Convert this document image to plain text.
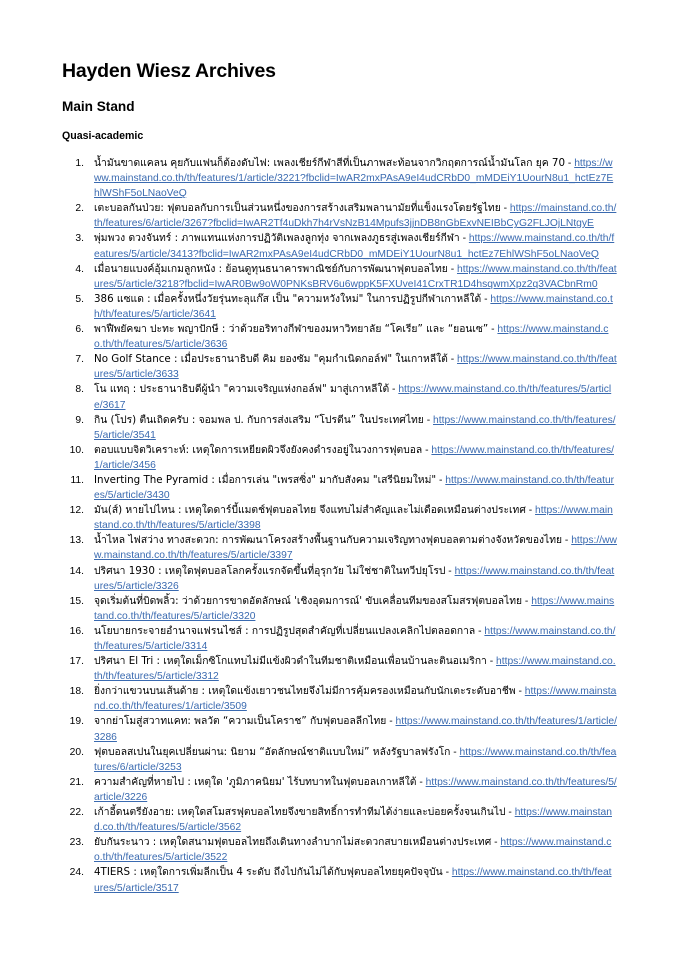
Hayden Wiesz Archives
Main Stand
Quasi-academic
1. น้ำมันขาดแคลน คุยกับแฟนก็ต้องดับไฟ: เพลงเชียร์กีฬาสีที่เป็นภาพสะท้อนจากวิกฤตการณ์น้ำมันโลก ยุค 70 - https://www.mainstand.co.th/th/features/1/article/3221?fbclid=IwAR2mxPAsA9eI4udCRbD0_mMDEiY1UourN8u1_hctEz7EhlWShF5oLNaoVeQ
2. เตะบอลกันป่วย: ฟุตบอลกับการเป็นส่วนหนึ่งของการสร้างเสริมพลานามัยที่แข็งแรงโดยรัฐไทย - https://mainstand.co.th/th/features/6/article/3267?fbclid=IwAR2Tf4uDkh7h4rVsNzB14Mpufs3jjnDB8nGbExvNEIBbCyG2FLJOjLNtgyE
3. พุ่มพวง ดวงจันทร์ : ภาพแทนแห่งการปฏิวัติเพลงลูกทุ่ง จากเพลงภูธรสู่เพลงเชียร์กีฬา - https://www.mainstand.co.th/th/features/5/article/3413?fbclid=IwAR2mxPAsA9eI4udCRbD0_mMDEiY1UourN8u1_hctEz7EhlWShF5oLNaoVeQ
4. เมื่อนายแบงค์อุ้มเกมลูกหนัง : ย้อนดูทุนธนาคารพาณิชย์กับการพัฒนาฟุตบอลไทย - https://www.mainstand.co.th/th/features/5/article/3218?fbclid=IwAR0Bw9oW0PNKsBRV6u6wppK5FXUveI41CrxTR1D4hsqwmXpz2q3VACbnRm0
5. 386 แซแด : เมื่อครั้งหนึ่งวัยรุ่นทะลุแก๊ส เป็น "ความหวังใหม่" ในการปฏิรูปกีฬาเกาหลีใต้ - https://www.mainstand.co.th/th/features/5/article/3641
6. พาฬืพยัคฆา ปะทะ พญาปักษี : ว่าด้วยอริทางกีฬาของมหาวิทยาลัย “โคเรีย” และ “ยอนเซ” - https://www.mainstand.co.th/th/features/5/article/3636
7. No Golf Stance : เมื่อประธานาธิบดี คิม ยองซัม "คุมกำเนิดกอล์ฟ" ในเกาหลีใต้ - https://www.mainstand.co.th/th/features/5/article/3633
8. โน แทฤ : ประธานาธิบดีผู้นำ "ความเจริญแห่งกอล์ฟ" มาสู่เกาหลีใต้ - https://www.mainstand.co.th/th/features/5/article/3617
9. กิน (โปร) ตืนเถิดครับ : จอมพล ป. กับการส่งเสริม “โปรตีน” ในประเทศไทย - https://www.mainstand.co.th/th/features/5/article/3541
10. ตอบแบบจิตวิเคราะห์: เหตุใดการเหยียดผิวจึงยังคงดำรงอยู่ในวงการฟุตบอล - https://www.mainstand.co.th/th/features/1/article/3456
11. Inverting The Pyramid : เมื่อการเล่น "เพรสซิ่ง" มากับสังคม "เสรีนิยมใหม่" - https://www.mainstand.co.th/th/features/5/article/3430
12. มัน(ส์) หายไปไหน : เหตุใดดาร์บี้แมตช์ฟุตบอลไทย จึงแทบไม่สำคัญและไม่เดือดเหมือนต่างประเทศ - https://www.mainstand.co.th/th/features/5/article/3398
13. น้ำไหล ไฟสว่าง ทางสะดวก: การพัฒนาโครงสร้างพื้นฐานกับความเจริญทางฟุตบอลตามต่างจังหวัดของไทย - https://www.mainstand.co.th/th/features/5/article/3397
14. ปริศนา 1930 : เหตุใดฟุตบอลโลกครั้งแรกจัดขึ้นที่อุรุกวัย ไม่ใช่ชาติในทวีปยุโรป - https://www.mainstand.co.th/th/features/5/article/3326
15. จุดเริ่มต้นที่บิดพลิ้ว: ว่าด้วยการขาดอัตลักษณ์ 'เชิงอุดมการณ์' ขับเคลื่อนทีมของสโมสรฟุตบอลไทย - https://www.mainstand.co.th/th/features/5/article/3320
16. นโยบายกระจายอำนาจแฟรนไชส์ : การปฏิรูปสุดสำคัญที่เปลี่ยนแปลงเคลิกไปตลอดกาล - https://www.mainstand.co.th/th/features/5/article/3314
17. ปริศนา El Tri : เหตุใดเม็กซิโกแทบไม่มีแข้งผิวดำในทีมชาติเหมือนเพื่อนบ้านละตินอเมริกา - https://www.mainstand.co.th/th/features/5/article/3312
18. ยิ่งกว่าแขวนบนเส้นด้าย : เหตุใดแข้งเยาวชนไทยจึงไม่มีการคุ้มครองเหมือนกับนักเตะระดับอาชีพ - https://www.mainstand.co.th/th/features/1/article/3509
19. จากย่าโมสู่สวาทแคท: พลวัต “ความเป็นโคราช” กับฟุตบอลลีกไทย - https://www.mainstand.co.th/th/features/1/article/3286
20. ฟุตบอลสเปนในยุคเปลี่ยนผ่าน: นิยาม “อัตลักษณ์ชาติแบบใหม่” หลังรัฐบาลฟรังโก - https://www.mainstand.co.th/th/features/6/article/3253
21. ความสำคัญที่หายไป : เหตุใด 'ภูมิภาคนิยม' ไร้บทบาทในฟุตบอลเกาหลีใต้ - https://www.mainstand.co.th/th/features/5/article/3226
22. เก้าอี้ดนตรียังอาย: เหตุใดสโมสรฟุตบอลไทยจึงขายสิทธิ์การทำทีมได้ง่ายและบ่อยครั้งจนเกินไป - https://www.mainstand.co.th/th/features/5/article/3562
23. ยับกันระนาว : เหตุใดสนามฟุตบอลไทยถึงเดินทางลำบากไม่สะดวกสบายเหมือนต่างประเทศ - https://www.mainstand.co.th/th/features/5/article/3522
24. 4TIERS : เหตุใดการเพิ่มลีกเป็น 4 ระดับ ถึงไปกันไม่ได้กับฟุตบอลไทยยุคปัจจุบัน - https://www.mainstand.co.th/th/features/5/article/3517
